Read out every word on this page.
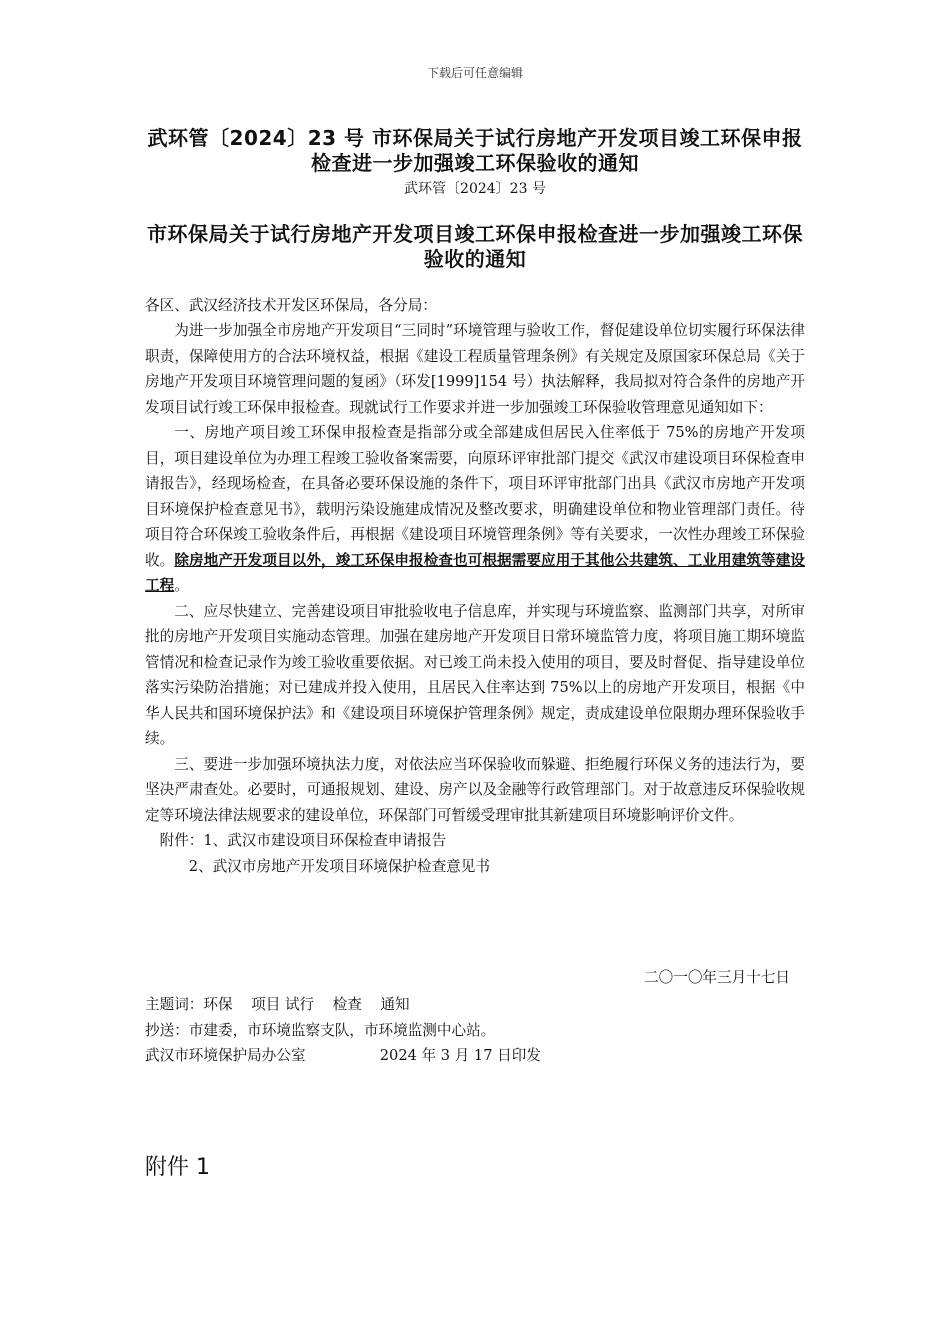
下载后可任意编辑
武环管〔2024〕23 号 市环保局关于试行房地产开发项目竣工环保申报检查进一步加强竣工环保验收的通知
武环管〔2024〕23 号
市环保局关于试行房地产开发项目竣工环保申报检查进一步加强竣工环保验收的通知

各区、武汉经济技术开发区环保局，各分局：

为进一步加强全市房地产开发项目“三同时”环境管理与验收工作，督促建设单位切实履行环保法律职责，保障使用方的合法环境权益，根据《建设工程质量管理条例》有关规定及原国家环保总局《关于房地产开发项目环境管理问题的复函》（环发[1999]154 号）执法解释，我局拟对符合条件的房地产开发项目试行竣工环保申报检查。现就试行工作要求并进一步加强竣工环保验收管理意见通知如下：

一、房地产项目竣工环保申报检查是指部分或全部建成但居民入住率低于 75%的房地产开发项目，项目建设单位为办理工程竣工验收备案需要，向原环评审批部门提交《武汉市建设项目环保检查申请报告》，经现场检查，在具备必要环保设施的条件下，项目环评审批部门出具《武汉市房地产开发项目环境保护检查意见书》，载明污染设施建成情况及整改要求，明确建设单位和物业管理部门责任。待项目符合环保竣工验收条件后，再根据《建设项目环境管理条例》等有关要求，一次性办理竣工环保验收。除房地产开发项目以外，竣工环保申报检查也可根据需要应用于其他公共建筑、工业用建筑等建设工程。

二、应尽快建立、完善建设项目审批验收电子信息库，并实现与环境监察、监测部门共享，对所审批的房地产开发项目实施动态管理。加强在建房地产开发项目日常环境监管力度，将项目施工期环境监管情况和检查记录作为竣工验收重要依据。对已竣工尚未投入使用的项目，要及时督促、指导建设单位落实污染防治措施；对已建成并投入使用，且居民入住率达到 75%以上的房地产开发项目，根据《中华人民共和国环境保护法》和《建设项目环境保护管理条例》规定，责成建设单位限期办理环保验收手续。

三、要进一步加强环境执法力度，对依法应当环保验收而躲避、拒绝履行环保义务的违法行为，要坚决严肃查处。必要时，可通报规划、建设、房产以及金融等行政管理部门。对于故意违反环保验收规定等环境法律法规要求的建设单位，环保部门可暂缓受理审批其新建项目环境影响评价文件。

附件：1、武汉市建设项目环保检查申请报告

2、武汉市房地产开发项目环境保护检查意见书

二〇一〇年三月十七日
主题词：环保    项目 试行    检查    通知
抄送：市建委，市环境监察支队，市环境监测中心站。
武汉市环境保护局办公室                2024 年 3 月 17 日印发
附件 1
